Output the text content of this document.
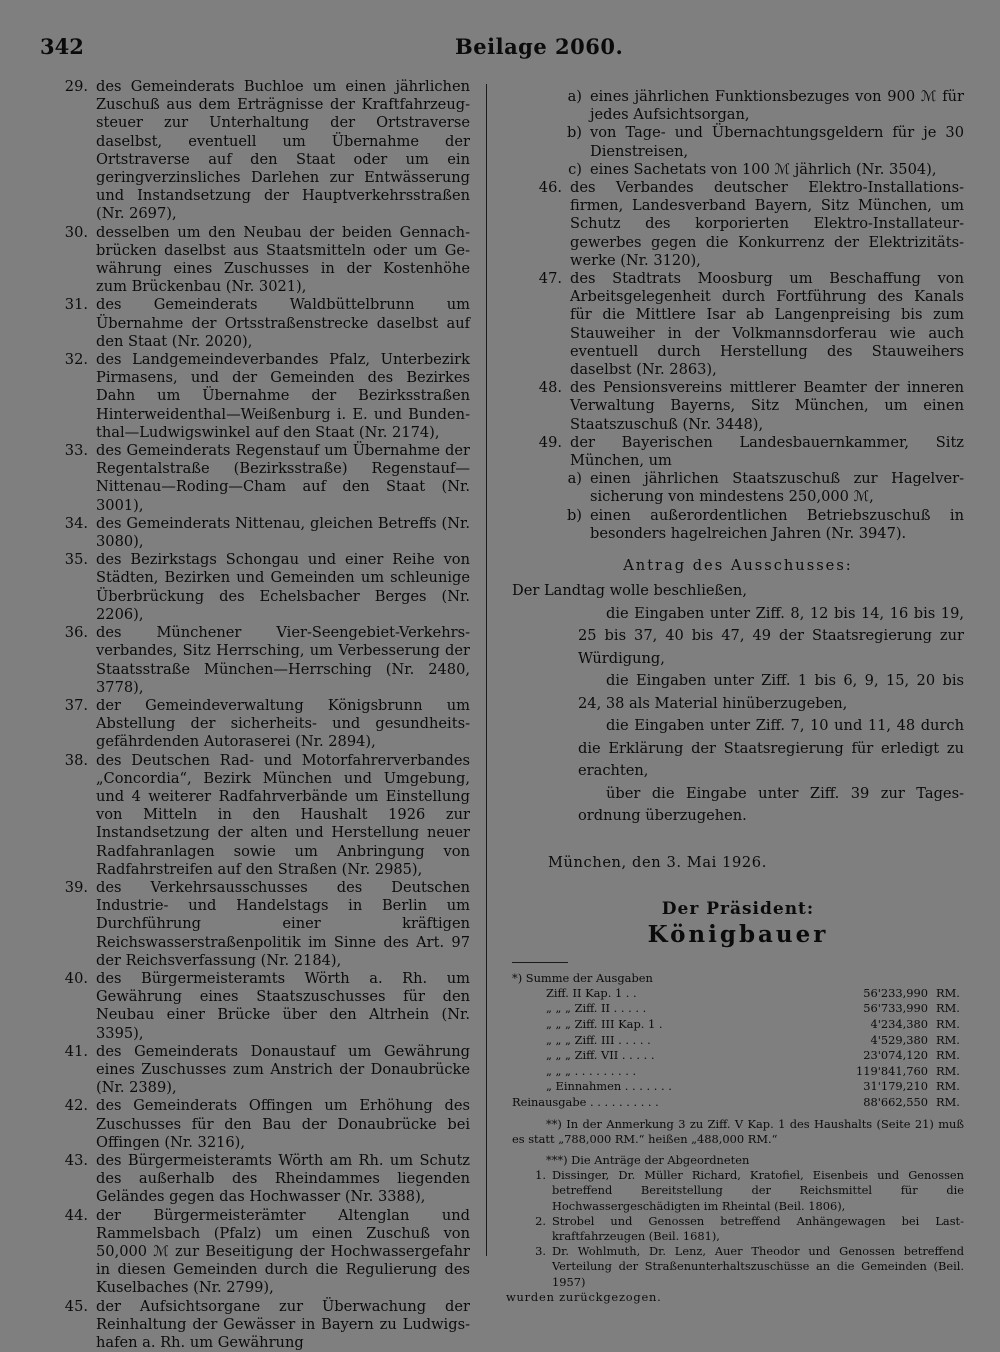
342	Beilage 2060.
29. des Gemeinderats Buchloe um einen jährlichen Zuschuß aus dem Erträgnisse der Kraftfahrzeugsteuer zur Unterhaltung der Ortstraverse daselbst, eventuell um Übernahme der Ortstraverse auf den Staat oder um ein geringverzinsliches Darlehen zur Entwässerung und Instandsetzung der Hauptverkehrsstraßen (Nr. 2697),
30. desselben um den Neubau der beiden Gennachbrücken daselbst aus Staatsmitteln oder um Gewährung eines Zuschusses in der Kostenhöhe zum Brückenbau (Nr. 3021),
31. des Gemeinderats Waldbüttelbrunn um Übernahme der Ortsstraßenstrecke daselbst auf den Staat (Nr. 2020),
32. des Landgemeindeverbandes Pfalz, Unterbezirk Pirmasens, und der Gemeinden des Bezirkes Dahn um Übernahme der Bezirksstraßen Hinterweidenthal—Weißenburg i. E. und Bundenthal—Ludwigswinkel auf den Staat (Nr. 2174),
33. des Gemeinderats Regenstauf um Übernahme der Regentalstraße (Bezirksstraße) Regenstauf—Nittenau—Roding—Cham auf den Staat (Nr. 3001),
34. des Gemeinderats Nittenau, gleichen Betreffs (Nr. 3080),
35. des Bezirkstags Schongau und einer Reihe von Städten, Bezirken und Gemeinden um schleunige Überbrückung des Echelsbacher Berges (Nr. 2206),
36. des Münchener Vier-Seengebiet-Verkehrsverbandes, Sitz Herrsching, um Verbesserung der Staatsstraße München—Herrsching (Nr. 2480, 3778),
37. der Gemeindeverwaltung Königsbrunn um Abstellung der sicherheits- und gesundheitsgefährdenden Autoraserei (Nr. 2894),
38. des Deutschen Rad- und Motorfahrerverbandes „Concordia“, Bezirk München und Umgebung, und 4 weiterer Radfahrverbände um Einstellung von Mitteln in den Haushalt 1926 zur Instandsetzung der alten und Herstellung neuer Radfahranlagen sowie um Anbringung von Radfahrstreifen auf den Straßen (Nr. 2985),
39. des Verkehrsausschusses des Deutschen Industrie- und Handelstags in Berlin um Durchführung einer kräftigen Reichswasserstraßenpolitik im Sinne des Art. 97 der Reichsverfassung (Nr. 2184),
40. des Bürgermeisteramts Wörth a. Rh. um Gewährung eines Staatszuschusses für den Neubau einer Brücke über den Altrhein (Nr. 3395),
41. des Gemeinderats Donaustauf um Gewährung eines Zuschusses zum Anstrich der Donaubrücke (Nr. 2389),
42. des Gemeinderats Offingen um Erhöhung des Zuschusses für den Bau der Donaubrücke bei Offingen (Nr. 3216),
43. des Bürgermeisteramts Wörth am Rh. um Schutz des außerhalb des Rheindammes liegenden Geländes gegen das Hochwasser (Nr. 3388),
44. der Bürgermeisterämter Altenglan und Rammelsbach (Pfalz) um einen Zuschuß von 50,000 ℳ zur Beseitigung der Hochwassergefahr in diesen Gemeinden durch die Regulierung des Kuselbaches (Nr. 2799),
45. der Aufsichtsorgane zur Überwachung der Reinhaltung der Gewässer in Bayern zu Ludwigshafen a. Rh. um Gewährung
a) eines jährlichen Funktionsbezuges von 900 ℳ für jedes Aufsichtsorgan,
b) von Tage- und Übernachtungsgeldern für je 30 Dienstreisen,
c) eines Sachetats von 100 ℳ jährlich (Nr. 3504),
46. des Verbandes deutscher Elektro-Installationsfirmen, Landesverband Bayern, Sitz München, um Schutz des korporierten Elektro-Installateurgewerbes gegen die Konkurrenz der Elektrizitätswerke (Nr. 3120),
47. des Stadtrats Moosburg um Beschaffung von Arbeitsgelegenheit durch Fortführung des Kanals für die Mittlere Isar ab Langenpreising bis zum Stauweiher in der Volkmannsdorferau wie auch eventuell durch Herstellung des Stauweihers daselbst (Nr. 2863),
48. des Pensionsvereins mittlerer Beamter der inneren Verwaltung Bayerns, Sitz München, um einen Staatszuschuß (Nr. 3448),
49. der Bayerischen Landesbauernkammer, Sitz München, um
a) einen jährlichen Staatszuschuß zur Hagelversicherung von mindestens 250,000 ℳ,
b) einen außerordentlichen Betriebszuschuß in besonders hagelreichen Jahren (Nr. 3947).
Antrag des Ausschusses:
Der Landtag wolle beschließen,
die Eingaben unter Ziff. 8, 12 bis 14, 16 bis 19, 25 bis 37, 40 bis 47, 49 der Staatsregierung zur Würdigung,
die Eingaben unter Ziff. 1 bis 6, 9, 15, 20 bis 24, 38 als Material hinüberzugeben,
die Eingaben unter Ziff. 7, 10 und 11, 48 durch die Erklärung der Staatsregierung für erledigt zu erachten,
über die Eingabe unter Ziff. 39 zur Tagesordnung überzugehen.
München, den 3. Mai 1926.
Der Präsident:
Königbauer
*) Summe der Ausgaben
Ziff. II Kap. 1 . .	56'233,990	RM.
„ „ „ Ziff. II . . . . .	56'733,990	RM.
„ „ „ Ziff. III Kap. 1 .	4'234,380	RM.
„ „ „ Ziff. III . . . . .	4'529,380	RM.
„ „ „ Ziff. VII . . . . .	23'074,120	RM.
„ „ „ . . . . . . . . .	119'841,760	RM.
„ Einnahmen . . . . . . .	31'179,210	RM.
Reinausgabe . . . . . . . . . .	88'662,550	RM.
**) In der Anmerkung 3 zu Ziff. V Kap. 1 des Haushalts (Seite 21) muß es statt „788,000 RM.“ heißen „488,000 RM.“
***) Die Anträge der Abgeordneten
1. Dissinger, Dr. Müller Richard, Kratofiel, Eisenbeis und Genossen betreffend Bereitstellung der Reichsmittel für die Hochwassergeschädigten im Rheintal (Beil. 1806),
2. Strobel und Genossen betreffend Anhängewagen bei Lastkraftfahrzeugen (Beil. 1681),
3. Dr. Wohlmuth, Dr. Lenz, Auer Theodor und Genossen betreffend Verteilung der Straßenunterhaltszuschüsse an die Gemeinden (Beil. 1957)
wurden zurückgezogen.
